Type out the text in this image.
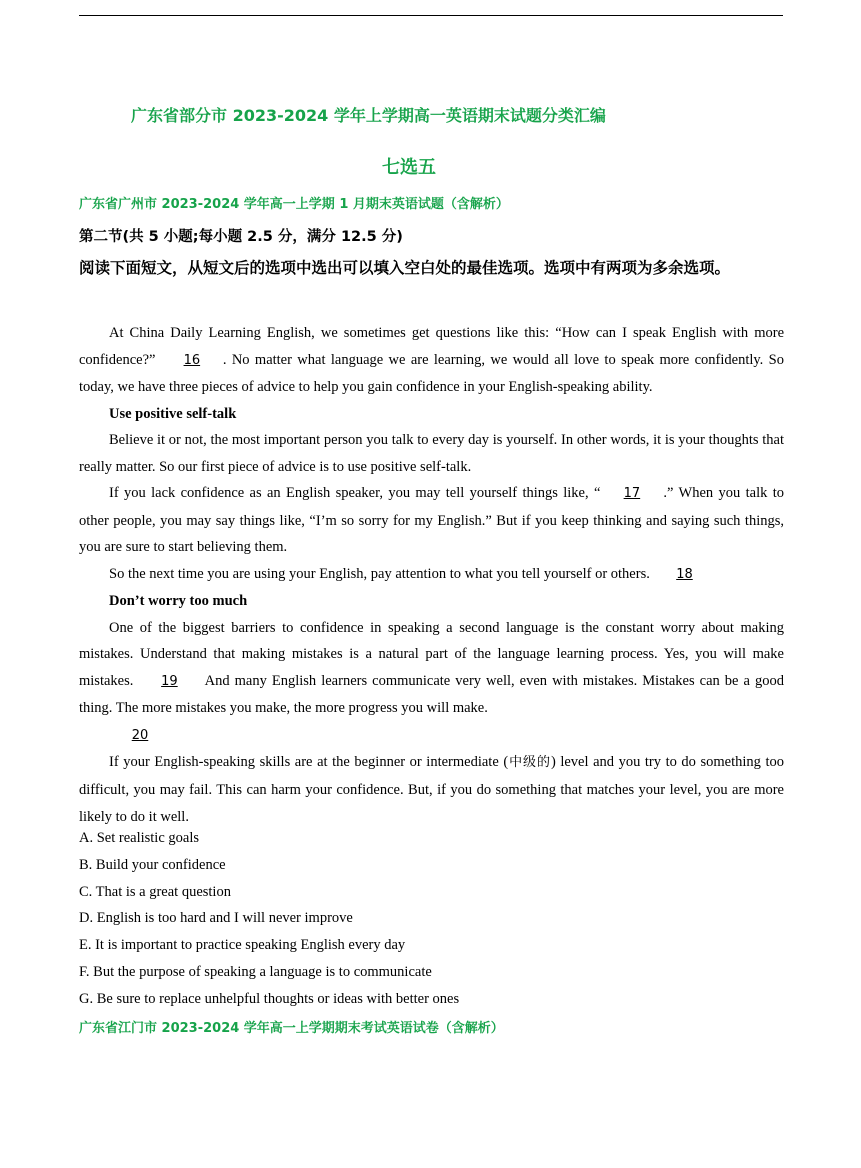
广东省部分市 2023-2024 学年上学期高一英语期末试题分类汇编
七选五
广东省广州市 2023-2024 学年高一上学期 1 月期末英语试题（含解析）
第二节(共 5 小题;每小题 2.5 分，满分 12.5 分)
阅读下面短文，从短文后的选项中选出可以填入空白处的最佳选项。选项中有两项为多余选项。

At China Daily Learning English, we sometimes get questions like this: “How can I speak English with more confidence?” 16 . No matter what language we are learning, we would all love to speak more confidently. So today, we have three pieces of advice to help you gain confidence in your English-speaking ability.

Use positive self-talk

Believe it or not, the most important person you talk to every day is yourself. In other words, it is your thoughts that really matter. So our first piece of advice is to use positive self-talk.

If you lack confidence as an English speaker, you may tell yourself things like, “ 17 .” When you talk to other people, you may say things like, “I’m so sorry for my English.” But if you keep thinking and saying such things, you are sure to start believing them.

So the next time you are using your English, pay attention to what you tell yourself or others. 18

Don’t worry too much

One of the biggest barriers to confidence in speaking a second language is the constant worry about making mistakes. Understand that making mistakes is a natural part of the language learning process. Yes, you will make mistakes. 19 And many English learners communicate very well, even with mistakes. Mistakes can be a good thing. The more mistakes you make, the more progress you will make.

20

If your English-speaking skills are at the beginner or intermediate (中级的) level and you try to do something too difficult, you may fail. This can harm your confidence. But, if you do something that matches your level, you are more likely to do it well.

A. Set realistic goals
B. Build your confidence
C. That is a great question
D. English is too hard and I will never improve
E. It is important to practice speaking English every day
F. But the purpose of speaking a language is to communicate
G. Be sure to replace unhelpful thoughts or ideas with better ones
广东省江门市 2023-2024 学年高一上学期期末考试英语试卷（含解析）
